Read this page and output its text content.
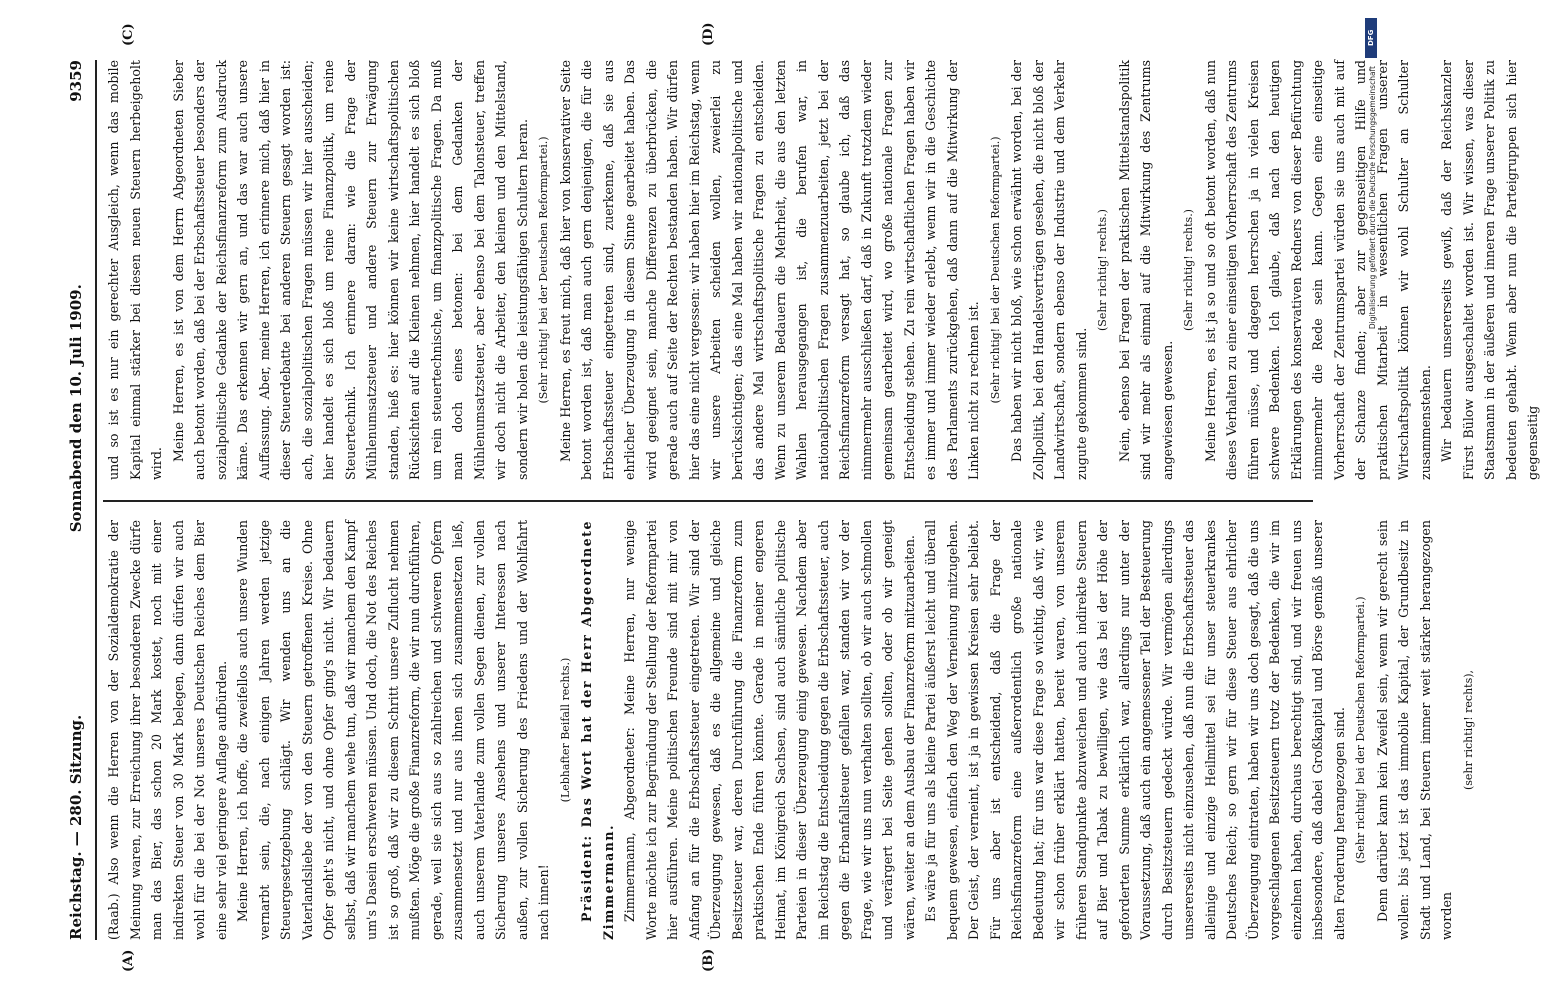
Reichstag. — 280. Sitzung.
Sonnabend den 10. Juli 1909.
9359
(A)	(B)
(C)	(D)

(Raab.) Also wenn die Herren von der Sozialdemokratie der Meinung waren, zur Erreichung ihrer besonderen Zwecke dürfe man das Bier, das schon 20 Mark kostet, noch mit einer indirekten Steuer von 30 Mark belegen, dann dürfen wir auch wohl für die bei der Not unseres Deutschen Reiches dem Bier eine sehr viel geringere Auflage aufbürden. Meine Herren, ich hoffe, die zweifellos auch unsere Wunden vernarbt sein, die, nach einigen Jahren werden jetzige Steuergesetzgebung schlägt. Wir wenden uns an die Vaterlandsliebe der von den Steuern getroffenen Kreise. Ohne Opfer geht's nicht, und ohne Opfer ging's nicht. Wir bedauern selbst, daß wir manchem wehe tun, daß wir manchem den Kampf um's Dasein erschweren müssen. Und doch, die Not des Reiches ist so groß, daß wir zu diesem Schritt unsere Zuflucht nehmen mußten. Möge die große Finanzreform, die wir nun durchführen, gerade, weil sie sich aus so zahlreichen und schweren Opfern zusammensetzt und nur aus ihnen sich zusammensetzen ließ, auch unserem Vaterlande zum vollen Segen dienen, zur vollen Sicherung unseres Ansehens und unserer Interessen nach außen, zur vollen Sicherung des Friedens und der Wohlfahrt nach innen!

(Lebhafter Beifall rechts.) Präsident: Das Wort hat der Herr Abgeordnete Zimmermann. Zimmermann, Abgeordneter: Meine Herren, nur wenige Worte möchte ich zur Begründung der Stellung der Reformpartei hier ausführen. Meine politischen Freunde sind mit mir von Anfang an für die Erbschaftssteuer eingetreten. Wir sind der Überzeugung gewesen, daß es die allgemeine und gleiche Besitzsteuer war, deren Durchführung die Finanzreform zum praktischen Ende führen könnte. Gerade in meiner engeren Heimat, im Königreich Sachsen, sind auch sämtliche politische Parteien in dieser Überzeugung einig gewesen. Nachdem aber im Reichstag die Entscheidung gegen die Erbschaftssteuer, auch gegen die Erbanfallsteuer gefallen war, standen wir vor der Frage, wie wir uns nun verhalten sollten, ob wir auch schmollen und verärgert bei Seite gehen sollten, oder ob wir geneigt wären, weiter an dem Ausbau der Finanzreform mitzuarbeiten. Es wäre ja für uns als kleine Partei äußerst leicht und überall bequem gewesen, einfach den Weg der Verneinung mitzugehen. Der Geist, der verneint, ist ja in gewissen Kreisen sehr beliebt. Für uns aber ist entscheidend, daß die Frage der Reichsfinanzreform eine außerordentlich große nationale Bedeutung hat; für uns war diese Frage so wichtig, daß wir, wie wir schon früher erklärt hatten, bereit waren, von unserem früheren Standpunkte abzuweichen und auch indirekte Steuern auf Bier und Tabak zu bewilligen, wie das bei der Höhe der geforderten Summe erklärlich war, allerdings nur unter der Voraussetzung, daß auch ein angemessener Teil der Besteuerung durch Besitzsteuern gedeckt würde. Wir vermögen allerdings unsererseits nicht einzusehen, daß nun die Erbschaftssteuer das alleinige und einzige Heilmittel sei für unser steuerkrankes Deutsches Reich; so gern wir für diese Steuer aus ehrlicher Überzeugung eintraten, haben wir uns doch gesagt, daß die uns vorgeschlagenen Besitzsteuern trotz der Bedenken, die wir im einzelnen haben, durchaus berechtigt sind, und wir freuen uns insbesondere, daß dabei Großkapital und Börse gemäß unserer alten Forderung herangezogen sind. (Sehr richtig! bei der Deutschen Reformpartei.) Denn darüber kann kein Zweifel sein, wenn wir gerecht sein wollen: bis jetzt ist das immobile Kapital, der Grundbesitz in Stadt und Land, bei Steuern immer weit stärker herangezogen worden

(sehr richtig! rechts),

und so ist es nur ein gerechter Ausgleich, wenn das mobile Kapital einmal stärker bei diesen neuen Steuern herbeigeholt wird.

Meine Herren, es ist von dem Herrn Abgeordneten Sieber auch betont worden, daß bei der Erbschaftssteuer besonders der sozialpolitische Gedanke der Reichsfinanzreform zum Ausdruck käme. Das erkennen wir gern an, und das war auch unsere Auffassung. Aber, meine Herren, ich erinnere mich, daß hier in dieser Steuerdebatte bei anderen Steuern gesagt worden ist: ach, die sozialpolitischen Fragen müssen wir hier ausscheiden; hier handelt es sich bloß um reine Finanzpolitik, um reine Steuertechnik. Ich erinnere daran: wie die Frage der Mühlenumsatzsteuer und andere Steuern zur Erwägung standen, hieß es: hier können wir keine wirtschaftspolitischen Rücksichten auf die Kleinen nehmen, hier handelt es sich bloß um rein steuertechnische, um finanzpolitische Fragen. Da muß man doch eines betonen: bei dem Gedanken der Mühlenumsatzsteuer, aber ebenso bei dem Talonsteuer, treffen wir doch nicht die Arbeiter, den kleinen und den Mittelstand, sondern wir holen die leistungsfähigen Schultern heran. (Sehr richtig! bei der Deutschen Reformpartei.) Meine Herren, es freut mich, daß hier von konservativer Seite betont worden ist, daß man auch gern denjenigen, die für die Erbschaftssteuer eingetreten sind, zuerkenne, daß sie aus ehrlicher Überzeugung in diesem Sinne gearbeitet haben. Das wird geeignet sein, manche Differenzen zu überbrücken, die gerade auch auf Seite der Rechten bestanden haben. Wir dürfen hier das eine nicht vergessen: wir haben hier im Reichstag, wenn wir unsere Arbeiten scheiden wollen, zweierlei zu berücksichtigen; das eine Mal haben wir nationalpolitische und das andere Mal wirtschaftspolitische Fragen zu entscheiden. Wenn zu unserem Bedauern die Mehrheit, die aus den letzten Wahlen herausgegangen ist, die berufen war, in nationalpolitischen Fragen zusammenzuarbeiten, jetzt bei der Reichsfinanzreform versagt hat, so glaube ich, daß das nimmermehr ausschließen darf, daß in Zukunft trotzdem wieder gemeinsam gearbeitet wird, wo große nationale Fragen zur Entscheidung stehen. Zu rein wirtschaftlichen Fragen haben wir es immer und immer wieder erlebt, wenn wir in die Geschichte des Parlaments zurückgehen, daß dann auf die Mitwirkung der Linken nicht zu rechnen ist. (Sehr richtig! bei der Deutschen Reformpartei.) Das haben wir nicht bloß, wie schon erwähnt worden, bei der Zollpolitik, bei den Handelsverträgen gesehen, die nicht bloß der Landwirtschaft, sondern ebenso der Industrie und dem Verkehr zugute gekommen sind.

(Sehr richtig! rechts.) Nein, ebenso bei Fragen der praktischen Mittelstandspolitik sind wir mehr als einmal auf die Mitwirkung des Zentrums angewiesen gewesen.

(Sehr richtig! rechts.) Meine Herren, es ist ja so und so oft betont worden, daß nun dieses Verhalten zu einer einseitigen Vorherrschaft des Zentrums führen müsse, und dagegen herrschen ja in vielen Kreisen schwere Bedenken. Ich glaube, daß nach den heutigen Erklärungen des konservativen Redners von dieser Befürchtung nimmermehr die Rede sein kann. Gegen eine einseitige Vorherrschaft der Zentrumspartei würden sie uns auch mit auf der Schanze finden; aber zur gegenseitigen Hilfe und praktischen Mitarbeit in wesentlichen Fragen unserer Wirtschaftspolitik können wir wohl Schulter an Schulter zusammenstehen. Wir bedauern unsererseits gewiß, daß der Reichskanzler Fürst Bülow ausgeschaltet worden ist. Wir wissen, was dieser Staatsmann in der äußeren und inneren Frage unserer Politik zu bedeuten gehabt. Wenn aber nun die Parteigruppen sich hier gegenseitig

DFG
Digitalisierung gefördert durch die Deutsche Forschungsgemeinschaft
